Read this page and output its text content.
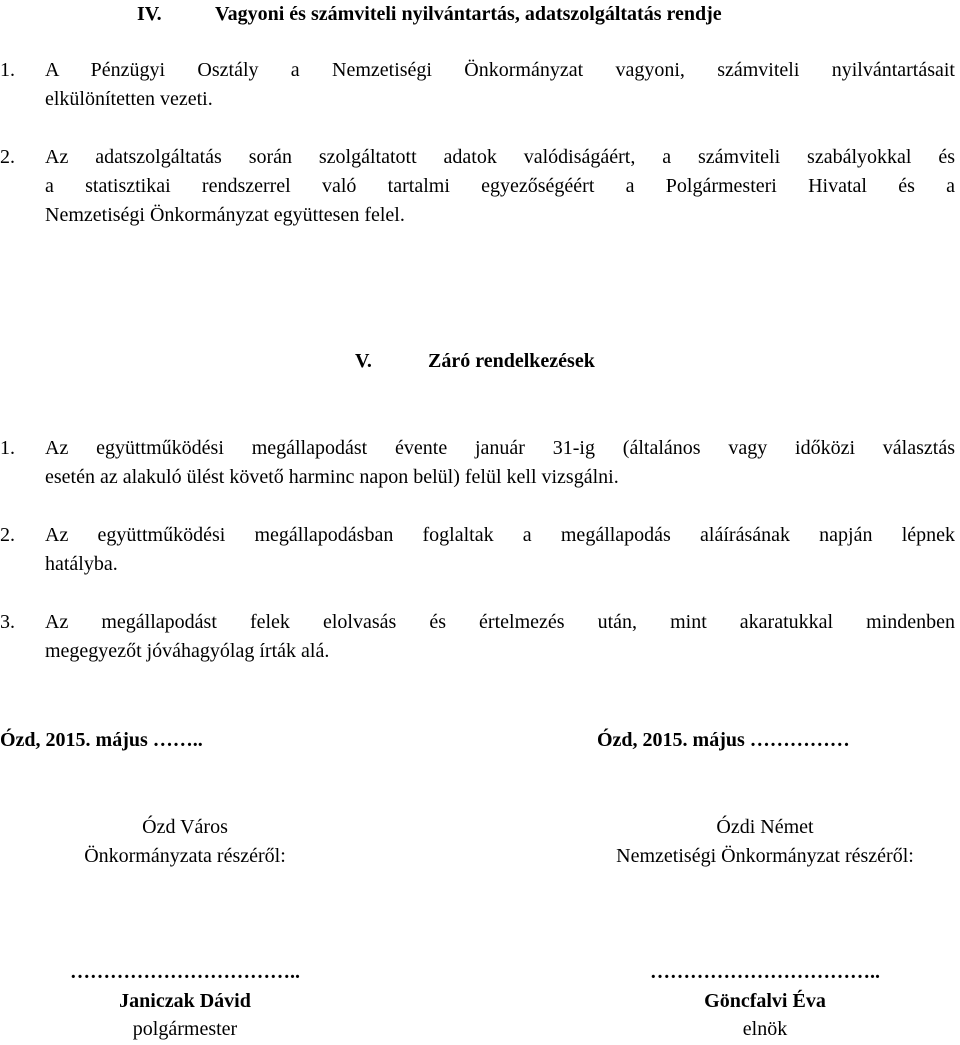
IV.	Vagyoni és számviteli nyilvántartás, adatszolgáltatás rendje
1. A Pénzügyi Osztály a Nemzetiségi Önkormányzat vagyoni, számviteli nyilvántartásait
elkülönítetten vezeti.
2. Az adatszolgáltatás során szolgáltatott adatok valódiságáért, a számviteli szabályokkal és
a statisztikai rendszerrel való tartalmi egyezőségéért a Polgármesteri Hivatal és a
Nemzetiségi Önkormányzat együttesen felel.
V.	Záró rendelkezések
1. Az együttműködési megállapodást évente január 31-ig (általános vagy időközi választás
esetén az alakuló ülést követő harminc napon belül) felül kell vizsgálni.
2. Az együttműködési megállapodásban foglaltak a megállapodás aláírásának napján lépnek
hatályba.
3. Az megállapodást felek elolvasás és értelmezés után, mint akaratukkal mindenben
megegyezőt jóváhagyólag írták alá.
Ózd, 2015. május ……..	Ózd, 2015. május ……………
Ózd Város
Önkormányzata részéről:
……………………………..
Janiczak Dávid
polgármester
Ózdi Német
Nemzetiségi Önkormányzat részéről:
……………………………..
Göncfalvi Éva
elnök
